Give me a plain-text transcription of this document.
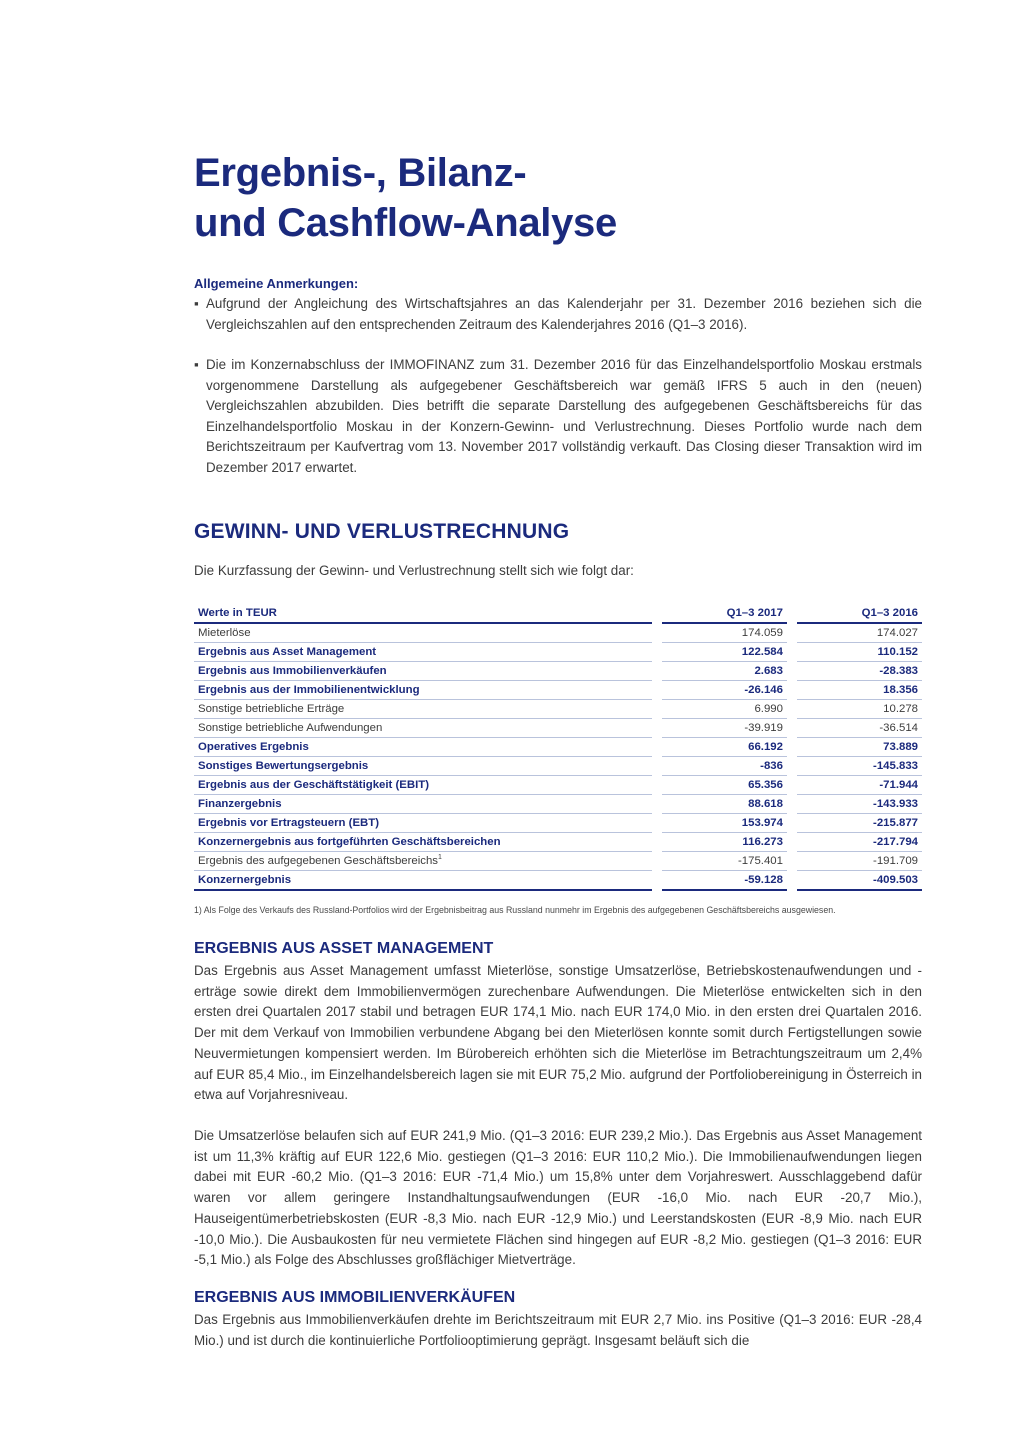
Ergebnis-, Bilanz-
und Cashflow-Analyse
Allgemeine Anmerkungen:
▪ Aufgrund der Angleichung des Wirtschaftsjahres an das Kalenderjahr per 31. Dezember 2016 beziehen sich die Vergleichszahlen auf den entsprechenden Zeitraum des Kalenderjahres 2016 (Q1–3 2016).
▪ Die im Konzernabschluss der IMMOFINANZ zum 31. Dezember 2016 für das Einzelhandelsportfolio Moskau erstmals vorgenommene Darstellung als aufgegebener Geschäftsbereich war gemäß IFRS 5 auch in den (neuen) Vergleichszahlen abzubilden. Dies betrifft die separate Darstellung des aufgegebenen Geschäftsbereichs für das Einzelhandelsportfolio Moskau in der Konzern-Gewinn- und Verlustrechnung. Dieses Portfolio wurde nach dem Berichtszeitraum per Kaufvertrag vom 13. November 2017 vollständig verkauft. Das Closing dieser Transaktion wird im Dezember 2017 erwartet.
GEWINN- UND VERLUSTRECHNUNG
Die Kurzfassung der Gewinn- und Verlustrechnung stellt sich wie folgt dar:
Werte in TEUR		Q1–3 2017		Q1–3 2016
Mieterlöse		174.059		174.027
Ergebnis aus Asset Management		122.584		110.152
Ergebnis aus Immobilienverkäufen		2.683		-28.383
Ergebnis aus der Immobilienentwicklung		-26.146		18.356
Sonstige betriebliche Erträge		6.990		10.278
Sonstige betriebliche Aufwendungen		-39.919		-36.514
Operatives Ergebnis		66.192		73.889
Sonstiges Bewertungsergebnis		-836		-145.833
Ergebnis aus der Geschäftstätigkeit (EBIT)		65.356		-71.944
Finanzergebnis		88.618		-143.933
Ergebnis vor Ertragsteuern (EBT)		153.974		-215.877
Konzernergebnis aus fortgeführten Geschäftsbereichen		116.273		-217.794
Ergebnis des aufgegebenen Geschäftsbereichs$^1$		-175.401		-191.709
Konzernergebnis		-59.128		-409.503
1) Als Folge des Verkaufs des Russland-Portfolios wird der Ergebnisbeitrag aus Russland nunmehr im Ergebnis des aufgegebenen Geschäftsbereichs ausgewiesen.
ERGEBNIS AUS ASSET MANAGEMENT

Das Ergebnis aus Asset Management umfasst Mieterlöse, sonstige Umsatzerlöse, Betriebskostenaufwendungen und -erträge sowie direkt dem Immobilienvermögen zurechenbare Aufwendungen. Die Mieterlöse entwickelten sich in den ersten drei Quartalen 2017 stabil und betragen EUR 174,1 Mio. nach EUR 174,0 Mio. in den ersten drei Quartalen 2016. Der mit dem Verkauf von Immobilien verbundene Abgang bei den Mieterlösen konnte somit durch Fertigstellungen sowie Neuvermietungen kompensiert werden. Im Bürobereich erhöhten sich die Mieterlöse im Betrachtungszeitraum um 2,4% auf EUR 85,4 Mio., im Einzelhandelsbereich lagen sie mit EUR 75,2 Mio. aufgrund der Portfoliobereinigung in Österreich in etwa auf Vorjahresniveau.

Die Umsatzerlöse belaufen sich auf EUR 241,9 Mio. (Q1–3 2016: EUR 239,2 Mio.). Das Ergebnis aus Asset Management ist um 11,3% kräftig auf EUR 122,6 Mio. gestiegen (Q1–3 2016: EUR 110,2 Mio.). Die Immobilienaufwendungen liegen dabei mit EUR -60,2 Mio. (Q1–3 2016: EUR -71,4 Mio.) um 15,8% unter dem Vorjahreswert. Ausschlaggebend dafür waren vor allem geringere Instandhaltungsaufwendungen (EUR -16,0 Mio. nach EUR -20,7 Mio.), Hauseigentümerbetriebskosten (EUR -8,3 Mio. nach EUR -12,9 Mio.) und Leerstandskosten (EUR -8,9 Mio. nach EUR -10,0 Mio.). Die Ausbaukosten für neu vermietete Flächen sind hingegen auf EUR -8,2 Mio. gestiegen (Q1–3 2016: EUR -5,1 Mio.) als Folge des Abschlusses großflächiger Mietverträge.

ERGEBNIS AUS IMMOBILIENVERKÄUFEN

Das Ergebnis aus Immobilienverkäufen drehte im Berichtszeitraum mit EUR 2,7 Mio. ins Positive (Q1–3 2016: EUR -28,4 Mio.) und ist durch die kontinuierliche Portfoliooptimierung geprägt. Insgesamt beläuft sich die
